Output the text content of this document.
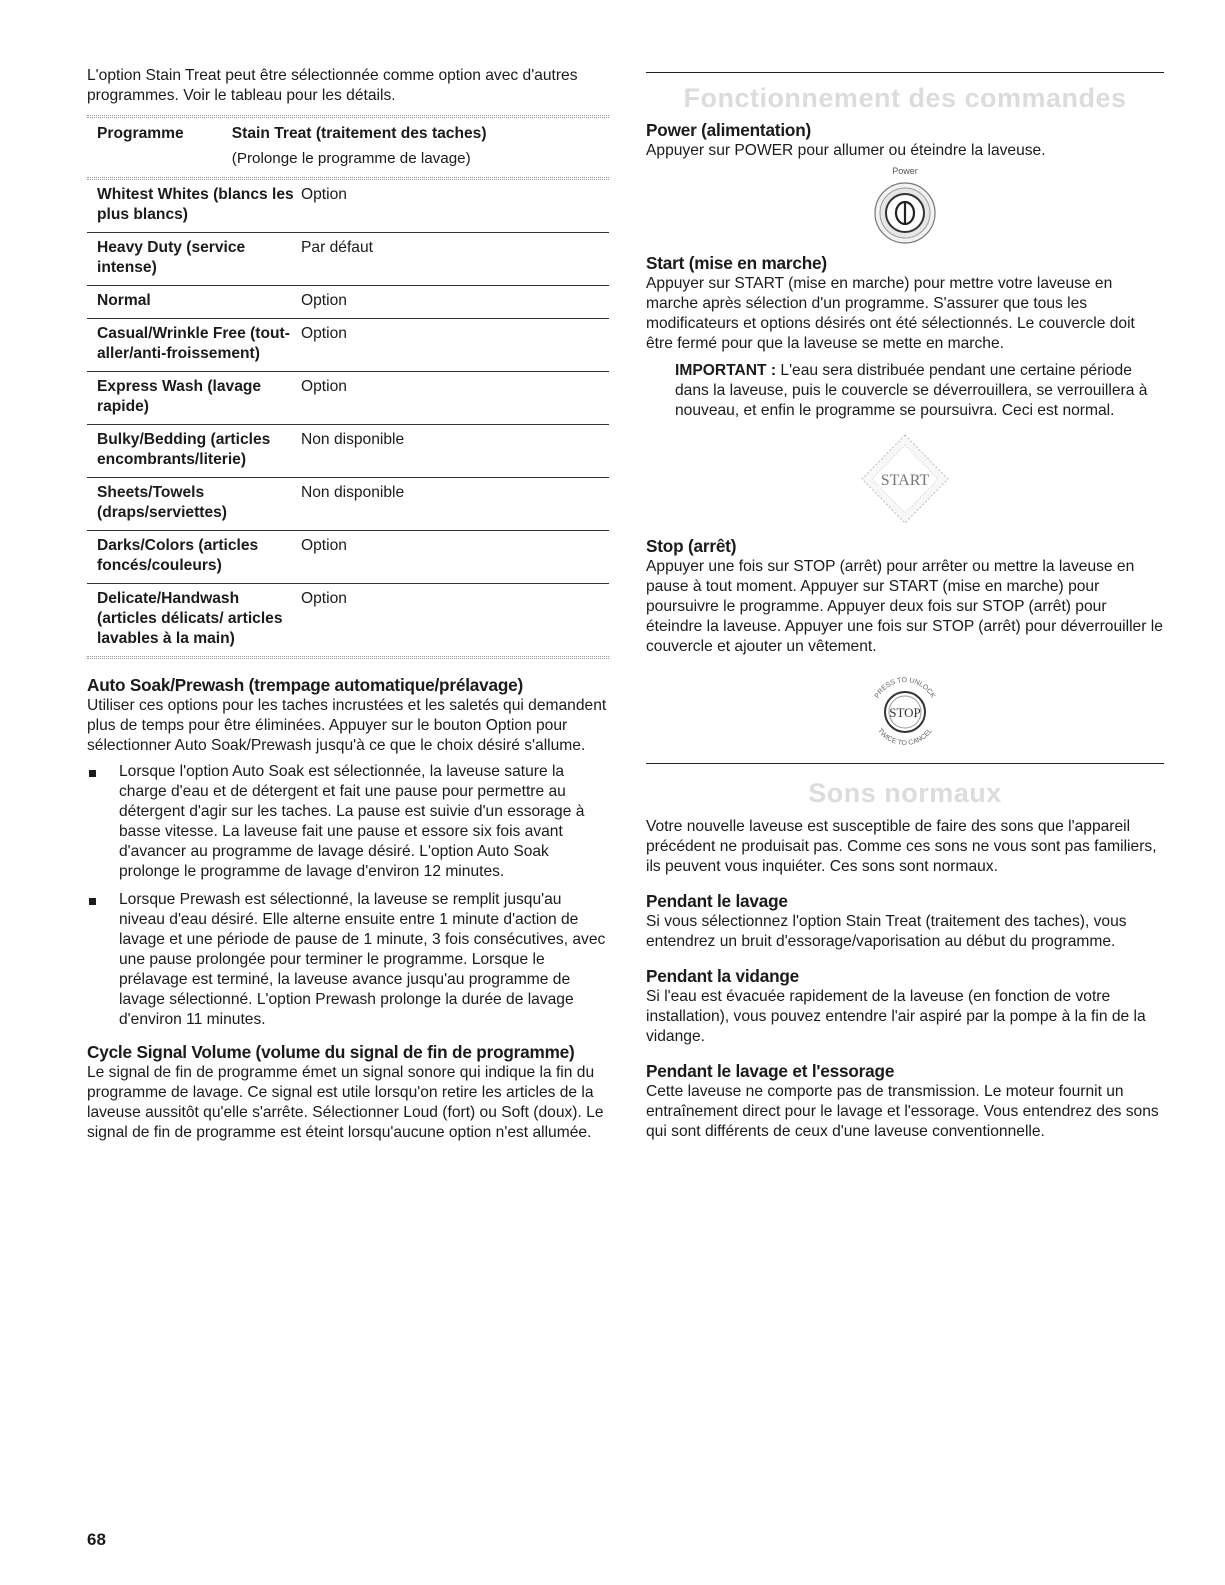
L'option Stain Treat peut être sélectionnée comme option avec d'autres programmes. Voir le tableau pour les détails.

Programme	Stain Treat (traitement des taches)
(Prolonge le programme de lavage)
Whitest Whites (blancs les plus blancs)	Option
Heavy Duty (service intense)	Par défaut
Normal	Option
Casual/Wrinkle Free (tout-aller/anti-froissement)	Option
Express Wash (lavage rapide)	Option
Bulky/Bedding (articles encombrants/literie)	Non disponible
Sheets/Towels (draps/serviettes)	Non disponible
Darks/Colors (articles foncés/couleurs)	Option
Delicate/Handwash (articles délicats/ articles lavables à la main)	Option
Auto Soak/Prewash (trempage automatique/prélavage)

Utiliser ces options pour les taches incrustées et les saletés qui demandent plus de temps pour être éliminées. Appuyer sur le bouton Option pour sélectionner Auto Soak/Prewash jusqu'à ce que le choix désiré s'allume.

Lorsque l'option Auto Soak est sélectionnée, la laveuse sature la charge d'eau et de détergent et fait une pause pour permettre au détergent d'agir sur les taches. La pause est suivie d'un essorage à basse vitesse. La laveuse fait une pause et essore six fois avant d'avancer au programme de lavage désiré. L'option Auto Soak prolonge le programme de lavage d'environ 12 minutes.
Lorsque Prewash est sélectionné, la laveuse se remplit jusqu'au niveau d'eau désiré. Elle alterne ensuite entre 1 minute d'action de lavage et une période de pause de 1 minute, 3 fois consécutives, avec une pause prolongée pour terminer le programme. Lorsque le prélavage est terminé, la laveuse avance jusqu'au programme de lavage sélectionné. L'option Prewash prolonge la durée de lavage d'environ 11 minutes.
Cycle Signal Volume (volume du signal de fin de programme)

Le signal de fin de programme émet un signal sonore qui indique la fin du programme de lavage. Ce signal est utile lorsqu'on retire les articles de la laveuse aussitôt qu'elle s'arrête. Sélectionner Loud (fort) ou Soft (doux). Le signal de fin de programme est éteint lorsqu'aucune option n'est allumée.

Fonctionnement des commandes
Power (alimentation)

Appuyer sur POWER pour allumer ou éteindre la laveuse.

Power
Start (mise en marche)

Appuyer sur START (mise en marche) pour mettre votre laveuse en marche après sélection d'un programme. S'assurer que tous les modificateurs et options désirés ont été sélectionnés. Le couvercle doit être fermé pour que la laveuse se mette en marche.

IMPORTANT : L'eau sera distribuée pendant une certaine période dans la laveuse, puis le couvercle se déverrouillera, se verrouillera à nouveau, et enfin le programme se poursuivra. Ceci est normal.

START
Stop (arrêt)

Appuyer une fois sur STOP (arrêt) pour arrêter ou mettre la laveuse en pause à tout moment. Appuyer sur START (mise en marche) pour poursuivre le programme. Appuyer deux fois sur STOP (arrêt) pour éteindre la laveuse. Appuyer une fois sur STOP (arrêt) pour déverrouiller le couvercle et ajouter un vêtement.

PRESS TO UNLOCK
TWICE TO CANCEL
STOP
Sons normaux

Votre nouvelle laveuse est susceptible de faire des sons que l'appareil précédent ne produisait pas. Comme ces sons ne vous sont pas familiers, ils peuvent vous inquiéter. Ces sons sont normaux.

Pendant le lavage

Si vous sélectionnez l'option Stain Treat (traitement des taches), vous entendrez un bruit d'essorage/vaporisation au début du programme.

Pendant la vidange

Si l'eau est évacuée rapidement de la laveuse (en fonction de votre installation), vous pouvez entendre l'air aspiré par la pompe à la fin de la vidange.

Pendant le lavage et l'essorage

Cette laveuse ne comporte pas de transmission. Le moteur fournit un entraînement direct pour le lavage et l'essorage. Vous entendrez des sons qui sont différents de ceux d'une laveuse conventionnelle.

68
